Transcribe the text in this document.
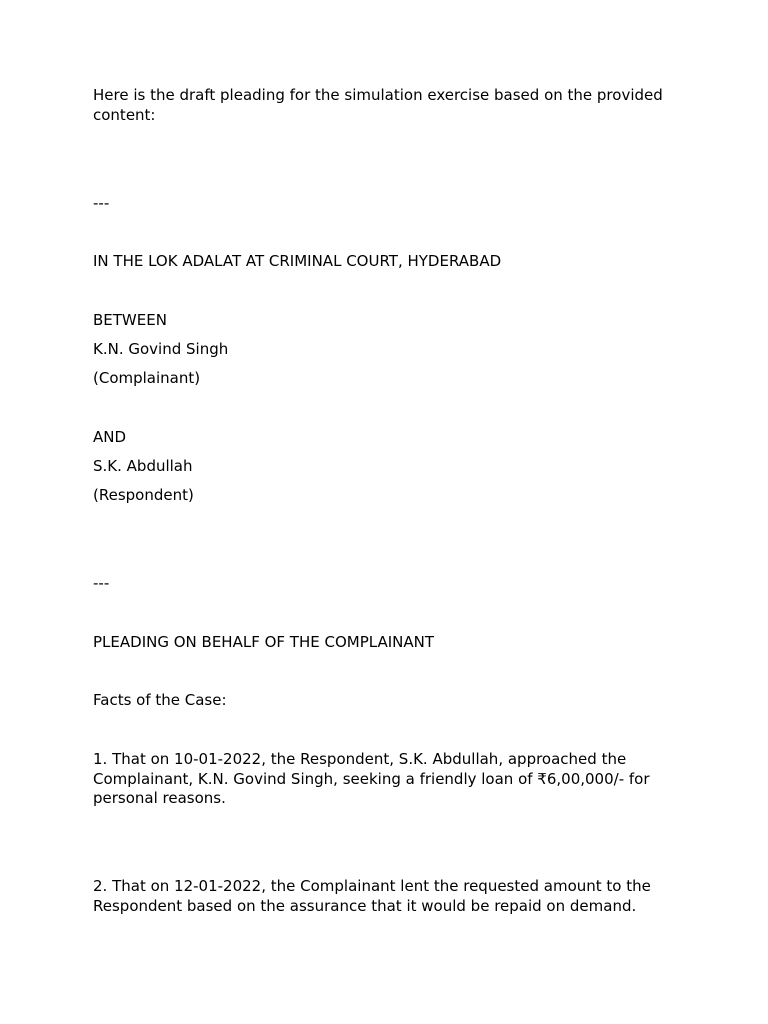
Here is the draft pleading for the simulation exercise based on the provided content:

---

IN THE LOK ADALAT AT CRIMINAL COURT, HYDERABAD

BETWEEN

K.N. Govind Singh

(Complainant)

AND

S.K. Abdullah

(Respondent)

---

PLEADING ON BEHALF OF THE COMPLAINANT

Facts of the Case:

1. That on 10-01-2022, the Respondent, S.K. Abdullah, approached the Complainant, K.N. Govind Singh, seeking a friendly loan of ₹6,00,000/- for personal reasons.

2. That on 12-01-2022, the Complainant lent the requested amount to the Respondent based on the assurance that it would be repaid on demand.
